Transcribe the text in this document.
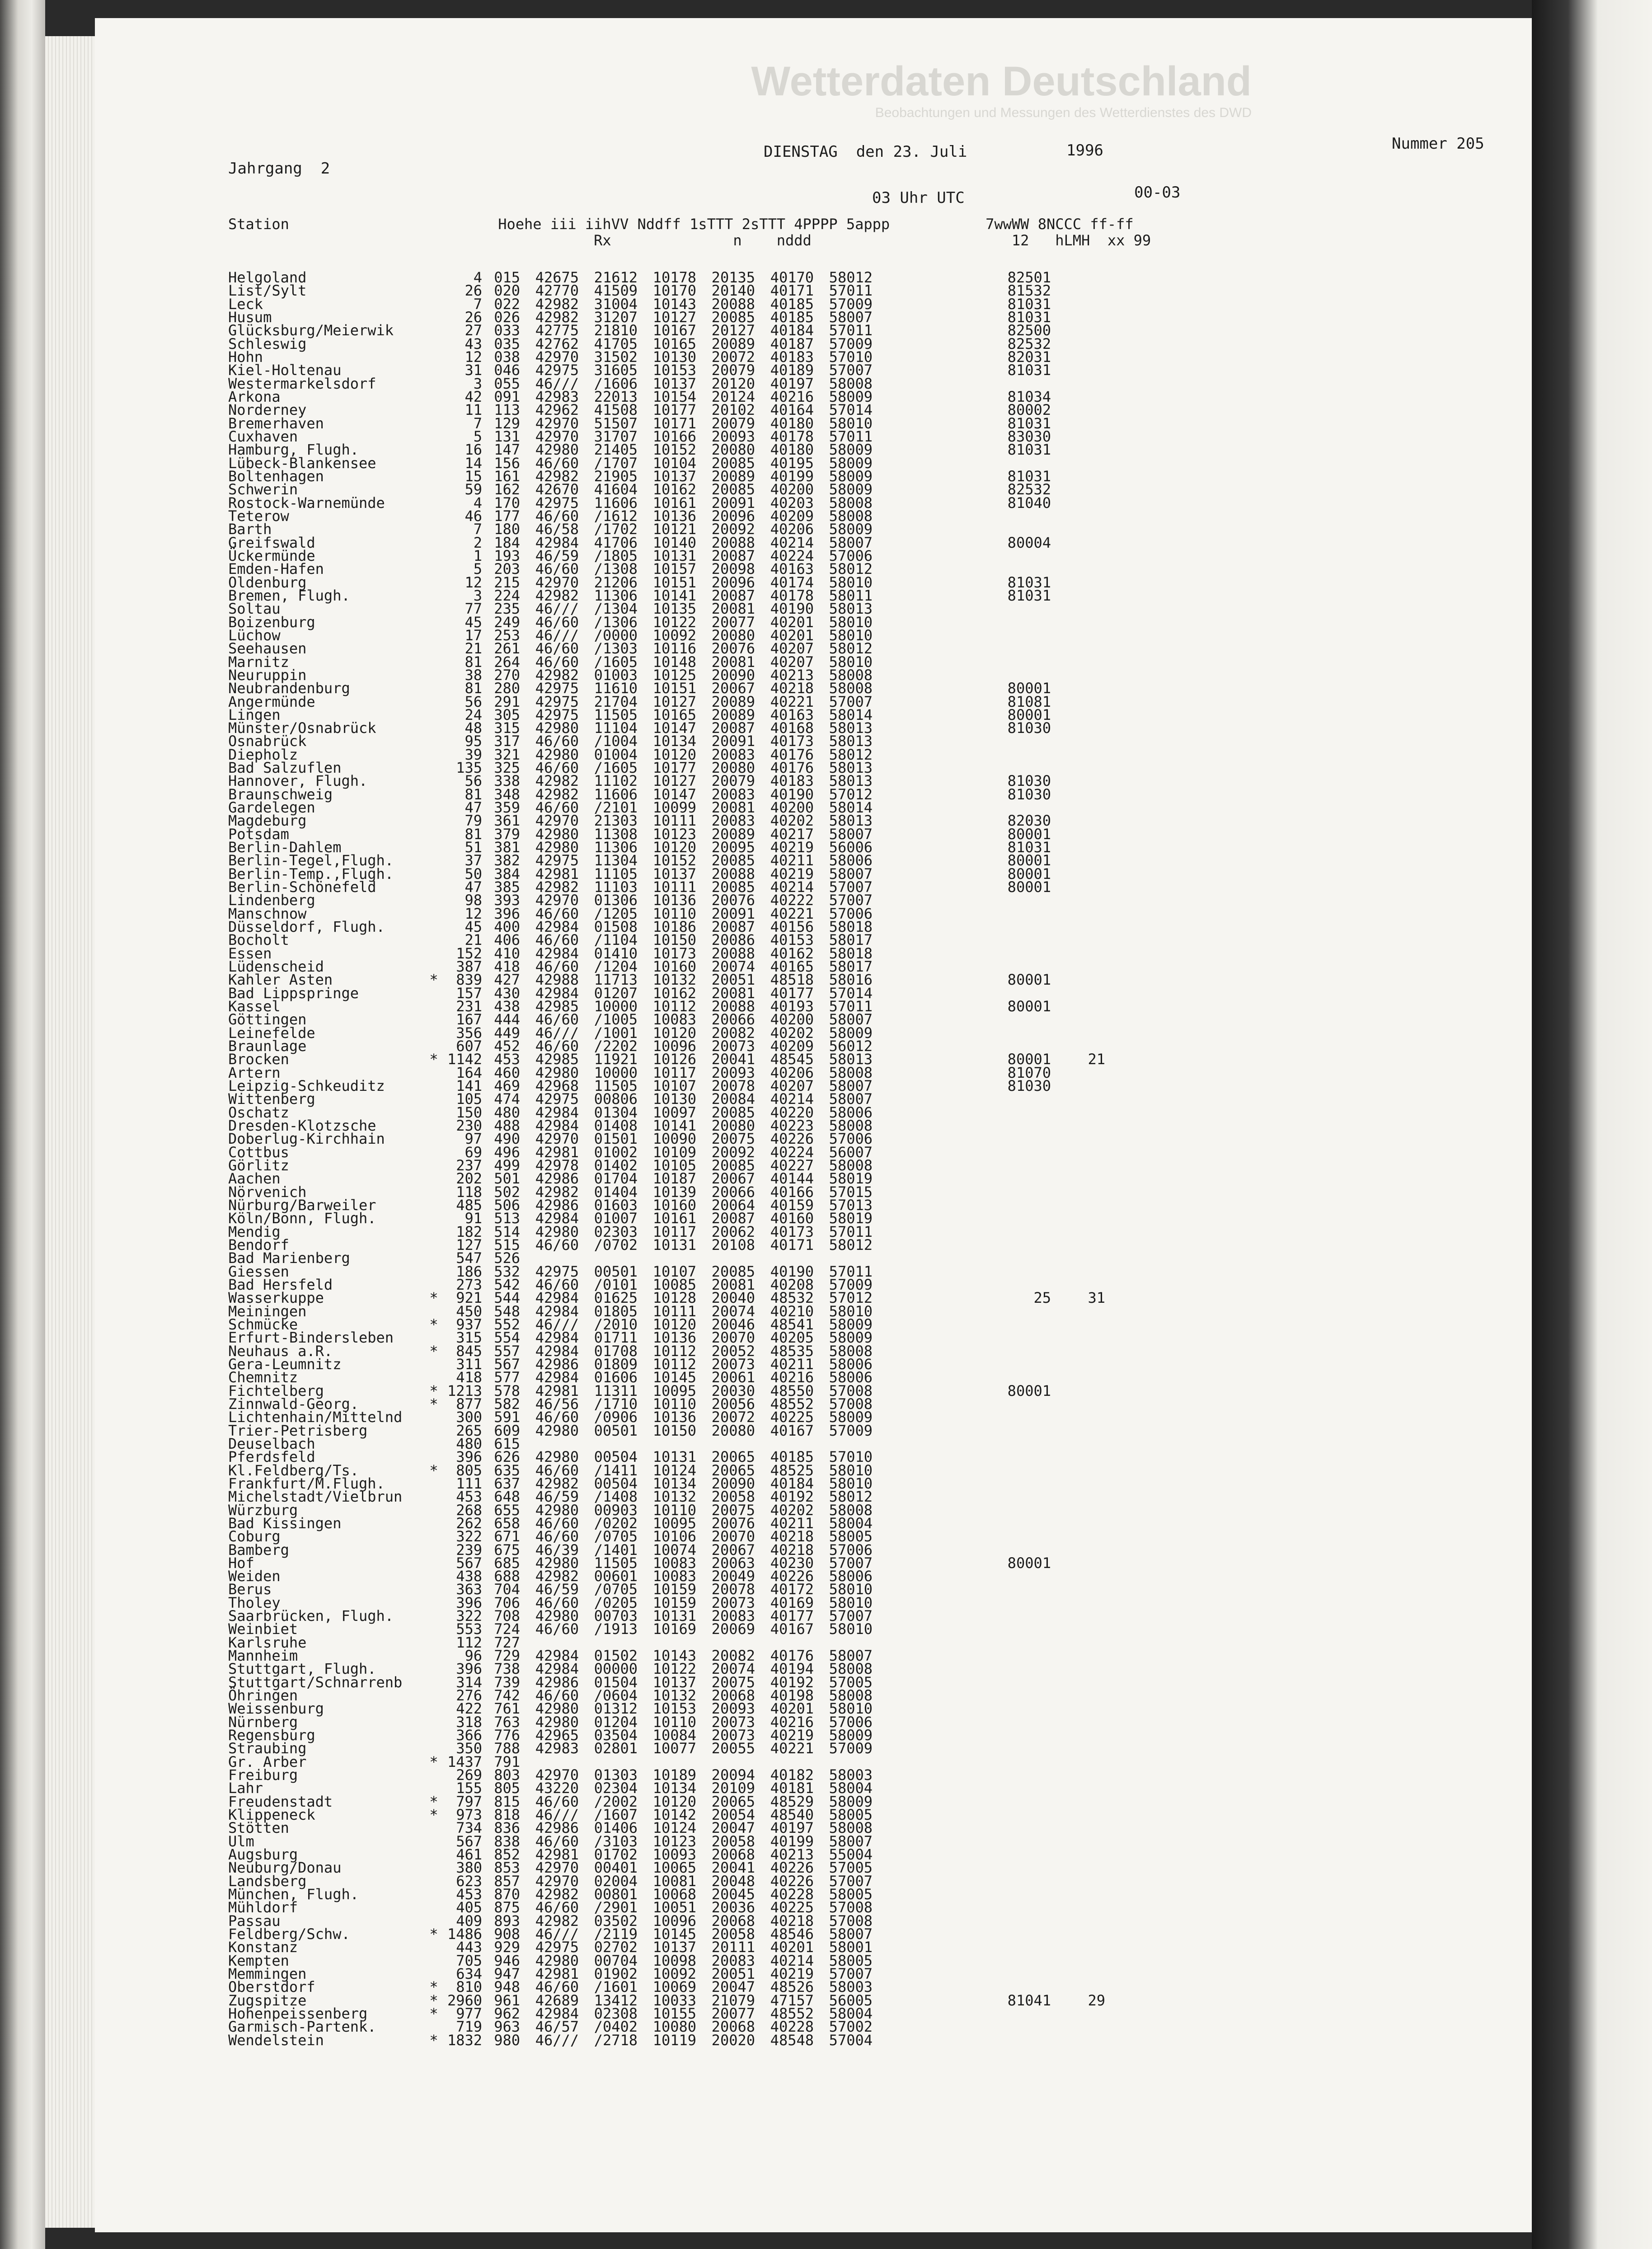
Wetterdaten Deutschland
Beobachtungen und Messungen des Wetterdienstes des DWD
Jahrgang  2
DIENSTAG  den 23. Juli	1996	Nummer 205
03 Uhr UTC	00-03
Station                        Hoehe iii iihVV Nddff 1sTTT 2sTTT 4PPPP 5appp           7wwWW 8NCCC ff-ff
Rx              n    nddd                       12   hLMH  xx 99
Helgoland		4	015	42675	21612	10178	20135	40170	58012	82501	
List/Sylt		26	020	42770	41509	10170	20140	40171	57011	81532	
Leck		7	022	42982	31004	10143	20088	40185	57009	81031	
Husum		26	026	42982	31207	10127	20085	40185	58007	81031	
Glücksburg/Meierwik		27	033	42775	21810	10167	20127	40184	57011	82500	
Schleswig		43	035	42762	41705	10165	20089	40187	57009	82532	
Hohn		12	038	42970	31502	10130	20072	40183	57010	82031	
Kiel-Holtenau		31	046	42975	31605	10153	20079	40189	57007	81031	
Westermarkelsdorf		3	055	46///	/1606	10137	20120	40197	58008		
Arkona		42	091	42983	22013	10154	20124	40216	58009	81034	
Norderney		11	113	42962	41508	10177	20102	40164	57014	80002	
Bremerhaven		7	129	42970	51507	10171	20079	40180	58010	81031	
Cuxhaven		5	131	42970	31707	10166	20093	40178	57011	83030	
Hamburg, Flugh.		16	147	42980	21405	10152	20080	40180	58009	81031	
Lübeck-Blankensee		14	156	46/60	/1707	10104	20085	40195	58009		
Boltenhagen		15	161	42982	21905	10137	20089	40199	58009	81031	
Schwerin		59	162	42670	41604	10162	20085	40200	58009	82532	
Rostock-Warnemünde		4	170	42975	11606	10161	20091	40203	58008	81040	
Teterow		46	177	46/60	/1612	10136	20096	40209	58008		
Barth		7	180	46/58	/1702	10121	20092	40206	58009		
Greifswald		2	184	42984	41706	10140	20088	40214	58007	80004	
Ückermünde		1	193	46/59	/1805	10131	20087	40224	57006		
Emden-Hafen		5	203	46/60	/1308	10157	20098	40163	58012		
Oldenburg		12	215	42970	21206	10151	20096	40174	58010	81031	
Bremen, Flugh.		3	224	42982	11306	10141	20087	40178	58011	81031	
Soltau		77	235	46///	/1304	10135	20081	40190	58013		
Boizenburg		45	249	46/60	/1306	10122	20077	40201	58010		
Lüchow		17	253	46///	/0000	10092	20080	40201	58010		
Seehausen		21	261	46/60	/1303	10116	20076	40207	58012		
Marnitz		81	264	46/60	/1605	10148	20081	40207	58010		
Neuruppin		38	270	42982	01003	10125	20090	40213	58008		
Neubrandenburg		81	280	42975	11610	10151	20067	40218	58008	80001	
Angermünde		56	291	42975	21704	10127	20089	40221	57007	81081	
Lingen		24	305	42975	11505	10165	20089	40163	58014	80001	
Münster/Osnabrück		48	315	42980	11104	10147	20087	40168	58013	81030	
Osnabrück		95	317	46/60	/1004	10134	20091	40173	58013		
Diepholz		39	321	42980	01004	10120	20083	40176	58012		
Bad Salzuflen		135	325	46/60	/1605	10177	20080	40176	58013		
Hannover, Flugh.		56	338	42982	11102	10127	20079	40183	58013	81030	
Braunschweig		81	348	42982	11606	10147	20083	40190	57012	81030	
Gardelegen		47	359	46/60	/2101	10099	20081	40200	58014		
Magdeburg		79	361	42970	21303	10111	20083	40202	58013	82030	
Potsdam		81	379	42980	11308	10123	20089	40217	58007	80001	
Berlin-Dahlem		51	381	42980	11306	10120	20095	40219	56006	81031	
Berlin-Tegel,Flugh.		37	382	42975	11304	10152	20085	40211	58006	80001	
Berlin-Temp.,Flugh.		50	384	42981	11105	10137	20088	40219	58007	80001	
Berlin-Schönefeld		47	385	42982	11103	10111	20085	40214	57007	80001	
Lindenberg		98	393	42970	01306	10136	20076	40222	57007		
Manschnow		12	396	46/60	/1205	10110	20091	40221	57006		
Düsseldorf, Flugh.		45	400	42984	01508	10186	20087	40156	58018		
Bocholt		21	406	46/60	/1104	10150	20086	40153	58017		
Essen		152	410	42984	01410	10173	20088	40162	58018		
Lüdenscheid		387	418	46/60	/1204	10160	20074	40165	58017		
Kahler Asten	*	839	427	42988	11713	10132	20051	48518	58016	80001	
Bad Lippspringe		157	430	42984	01207	10162	20081	40177	57014		
Kassel		231	438	42985	10000	10112	20088	40193	57011	80001	
Göttingen		167	444	46/60	/1005	10083	20066	40200	58007		
Leinefelde		356	449	46///	/1001	10120	20082	40202	58009		
Braunlage		607	452	46/60	/2202	10096	20073	40209	56012		
Brocken	*	1142	453	42985	11921	10126	20041	48545	58013	80001	21
Artern		164	460	42980	10000	10117	20093	40206	58008	81070	
Leipzig-Schkeuditz		141	469	42968	11505	10107	20078	40207	58007	81030	
Wittenberg		105	474	42975	00806	10130	20084	40214	58007		
Oschatz		150	480	42984	01304	10097	20085	40220	58006		
Dresden-Klotzsche		230	488	42984	01408	10141	20080	40223	58008		
Doberlug-Kirchhain		97	490	42970	01501	10090	20075	40226	57006		
Cottbus		69	496	42981	01002	10109	20092	40224	56007		
Görlitz		237	499	42978	01402	10105	20085	40227	58008		
Aachen		202	501	42986	01704	10187	20067	40144	58019		
Nörvenich		118	502	42982	01404	10139	20066	40166	57015		
Nürburg/Barweiler		485	506	42986	01603	10160	20064	40159	57013		
Köln/Bonn, Flugh.		91	513	42984	01007	10161	20087	40160	58019		
Mendig		182	514	42980	02303	10117	20062	40173	57011		
Bendorf		127	515	46/60	/0702	10131	20108	40171	58012		
Bad Marienberg		547	526								
Giessen		186	532	42975	00501	10107	20085	40190	57011		
Bad Hersfeld		273	542	46/60	/0101	10085	20081	40208	57009		
Wasserkuppe	*	921	544	42984	01625	10128	20040	48532	57012	25	31
Meiningen		450	548	42984	01805	10111	20074	40210	58010		
Schmücke	*	937	552	46///	/2010	10120	20046	48541	58009		
Erfurt-Bindersleben		315	554	42984	01711	10136	20070	40205	58009		
Neuhaus a.R.	*	845	557	42984	01708	10112	20052	48535	58008		
Gera-Leumnitz		311	567	42986	01809	10112	20073	40211	58006		
Chemnitz		418	577	42984	01606	10145	20061	40216	58006		
Fichtelberg	*	1213	578	42981	11311	10095	20030	48550	57008	80001	
Zinnwald-Georg.	*	877	582	46/56	/1710	10110	20056	48552	57008		
Lichtenhain/Mittelnd		300	591	46/60	/0906	10136	20072	40225	58009		
Trier-Petrisberg		265	609	42980	00501	10150	20080	40167	57009		
Deuselbach		480	615								
Pferdsfeld		396	626	42980	00504	10131	20065	40185	57010		
Kl.Feldberg/Ts.	*	805	635	46/60	/1411	10124	20065	48525	58010		
Frankfurt/M.Flugh.		111	637	42982	00504	10134	20090	40184	58010		
Michelstadt/Vielbrun		453	648	46/59	/1408	10132	20058	40192	58012		
Würzburg		268	655	42980	00903	10110	20075	40202	58008		
Bad Kissingen		262	658	46/60	/0202	10095	20076	40211	58004		
Coburg		322	671	46/60	/0705	10106	20070	40218	58005		
Bamberg		239	675	46/39	/1401	10074	20067	40218	57006		
Hof		567	685	42980	11505	10083	20063	40230	57007	80001	
Weiden		438	688	42982	00601	10083	20049	40226	58006		
Berus		363	704	46/59	/0705	10159	20078	40172	58010		
Tholey		396	706	46/60	/0205	10159	20073	40169	58010		
Saarbrücken, Flugh.		322	708	42980	00703	10131	20083	40177	57007		
Weinbiet		553	724	46/60	/1913	10169	20069	40167	58010		
Karlsruhe		112	727								
Mannheim		96	729	42984	01502	10143	20082	40176	58007		
Stuttgart, Flugh.		396	738	42984	00000	10122	20074	40194	58008		
Stuttgart/Schnarrenb		314	739	42986	01504	10137	20075	40192	57005		
Öhringen		276	742	46/60	/0604	10132	20068	40198	58008		
Weissenburg		422	761	42980	01312	10153	20093	40201	58010		
Nürnberg		318	763	42980	01204	10110	20073	40216	57006		
Regensburg		366	776	42965	03504	10084	20073	40219	58009		
Straubing		350	788	42983	02801	10077	20055	40221	57009		
Gr. Arber	*	1437	791								
Freiburg		269	803	42970	01303	10189	20094	40182	58003		
Lahr		155	805	43220	02304	10134	20109	40181	58004		
Freudenstadt	*	797	815	46/60	/2002	10120	20065	48529	58009		
Klippeneck	*	973	818	46///	/1607	10142	20054	48540	58005		
Stötten		734	836	42986	01406	10124	20047	40197	58008		
Ulm		567	838	46/60	/3103	10123	20058	40199	58007		
Augsburg		461	852	42981	01702	10093	20068	40213	55004		
Neuburg/Donau		380	853	42970	00401	10065	20041	40226	57005		
Landsberg		623	857	42970	02004	10081	20048	40226	57007		
München, Flugh.		453	870	42982	00801	10068	20045	40228	58005		
Mühldorf		405	875	46/60	/2901	10051	20036	40225	57008		
Passau		409	893	42982	03502	10096	20068	40218	57008		
Feldberg/Schw.	*	1486	908	46///	/2119	10145	20058	48546	58007		
Konstanz		443	929	42975	02702	10137	20111	40201	58001		
Kempten		705	946	42980	00704	10098	20083	40214	58005		
Memmingen		634	947	42981	01902	10092	20051	40219	57007		
Oberstdorf	*	810	948	46/60	/1601	10069	20047	48526	58003		
Zugspitze	*	2960	961	42689	13412	10033	21079	47157	56005	81041	29
Hohenpeissenberg	*	977	962	42984	02308	10155	20077	48552	58004		
Garmisch-Partenk.		719	963	46/57	/0402	10080	20068	40228	57002		
Wendelstein	*	1832	980	46///	/2718	10119	20020	48548	57004		
